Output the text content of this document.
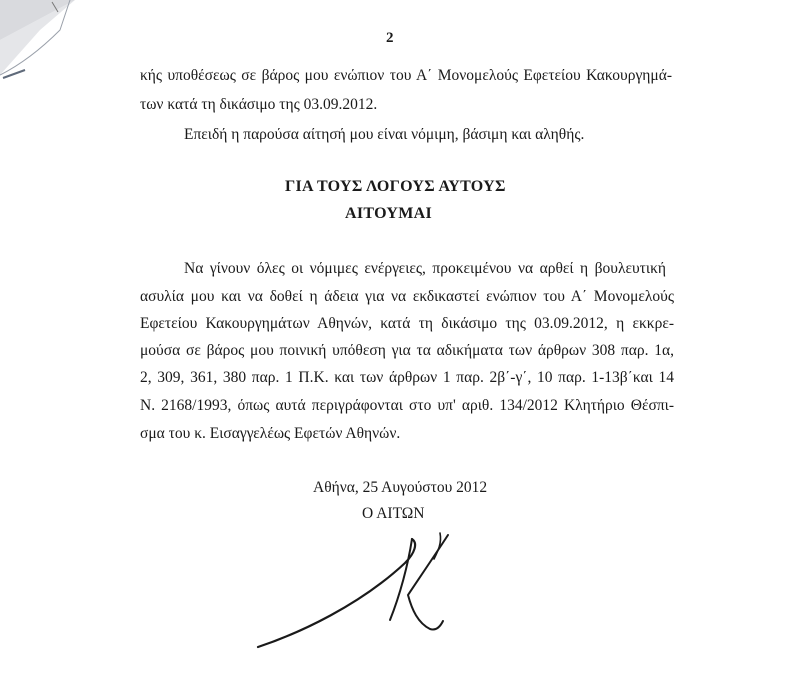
2
κής υποθέσεως σε βάρος μου ενώπιον του Α΄ Μονομελούς Εφετείου Κακουργημά-
των κατά τη δικάσιμο της 03.09.2012.
Επειδή η παρούσα αίτησή μου είναι νόμιμη, βάσιμη και αληθής.
ΓΙΑ ΤΟΥΣ ΛΟΓΟΥΣ ΑΥΤΟΥΣ
ΑΙΤΟΥΜΑΙ
Να γίνουν όλες οι νόμιμες ενέργειες, προκειμένου να αρθεί η βουλευτική
ασυλία μου και να δοθεί η άδεια για να εκδικαστεί ενώπιον του Α΄ Μονομελούς
Εφετείου Κακουργημάτων Αθηνών, κατά τη δικάσιμο της 03.09.2012, η εκκρε-
μούσα σε βάρος μου ποινική υπόθεση για τα αδικήματα των άρθρων 308 παρ. 1α,
2, 309, 361, 380 παρ. 1 Π.Κ. και των άρθρων 1 παρ. 2β΄-γ΄, 10 παρ. 1-13β΄και 14
Ν. 2168/1993, όπως αυτά περιγράφονται στο υπ' αριθ. 134/2012 Κλητήριο Θέσπι-
σμα του κ. Εισαγγελέως Εφετών Αθηνών.
Αθήνα, 25 Αυγούστου 2012
Ο ΑΙΤΩΝ
